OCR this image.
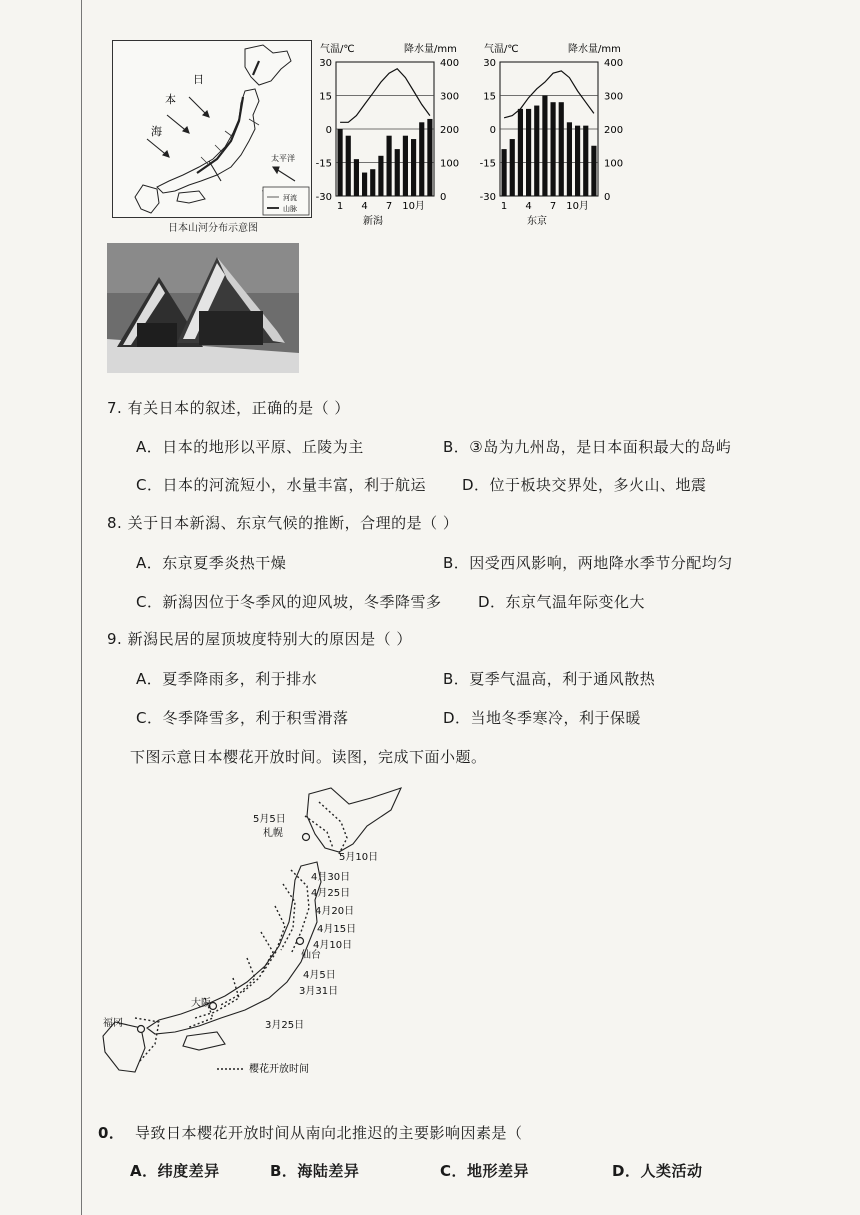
日
本
海
太平洋
河流
山脉
日本山河分布示意图
30
15
0
-15
-30
400
300
200
100
0
气温/℃	降水量/mm
1 4 7 10月
新潟
30
15
0
-15
-30
400
300
200
100
0
气温/℃	降水量/mm
1 4 7 10月
东京
7. 有关日本的叙述，正确的是（ ）
A．日本的地形以平原、丘陵为主	B．③岛为九州岛，是日本面积最大的岛屿
C．日本的河流短小，水量丰富，利于航运 D．位于板块交界处，多火山、地震
8. 关于日本新潟、东京气候的推断，合理的是（ ）
A．东京夏季炎热干燥	B．因受西风影响，两地降水季节分配均匀
C．新潟因位于冬季风的迎风坡，冬季降雪多 D．东京气温年际变化大
9. 新潟民居的屋顶坡度特别大的原因是（ ）
A．夏季降雨多，利于排水	B．夏季气温高，利于通风散热
C．冬季降雪多，利于积雪滑落	D．当地冬季寒冷，利于保暖
下图示意日本樱花开放时间。读图，完成下面小题。
5月5日
札幌
5月10日
4月30日
4月25日
4月20日
4月15日
4月10日
仙台
4月5日
3月31日
大阪
3月25日
福冈
櫻花开放时间
0． 导致日本樱花开放时间从南向北推迟的主要影响因素是（
A．纬度差异	B．海陆差异	C．地形差异	D．人类活动
